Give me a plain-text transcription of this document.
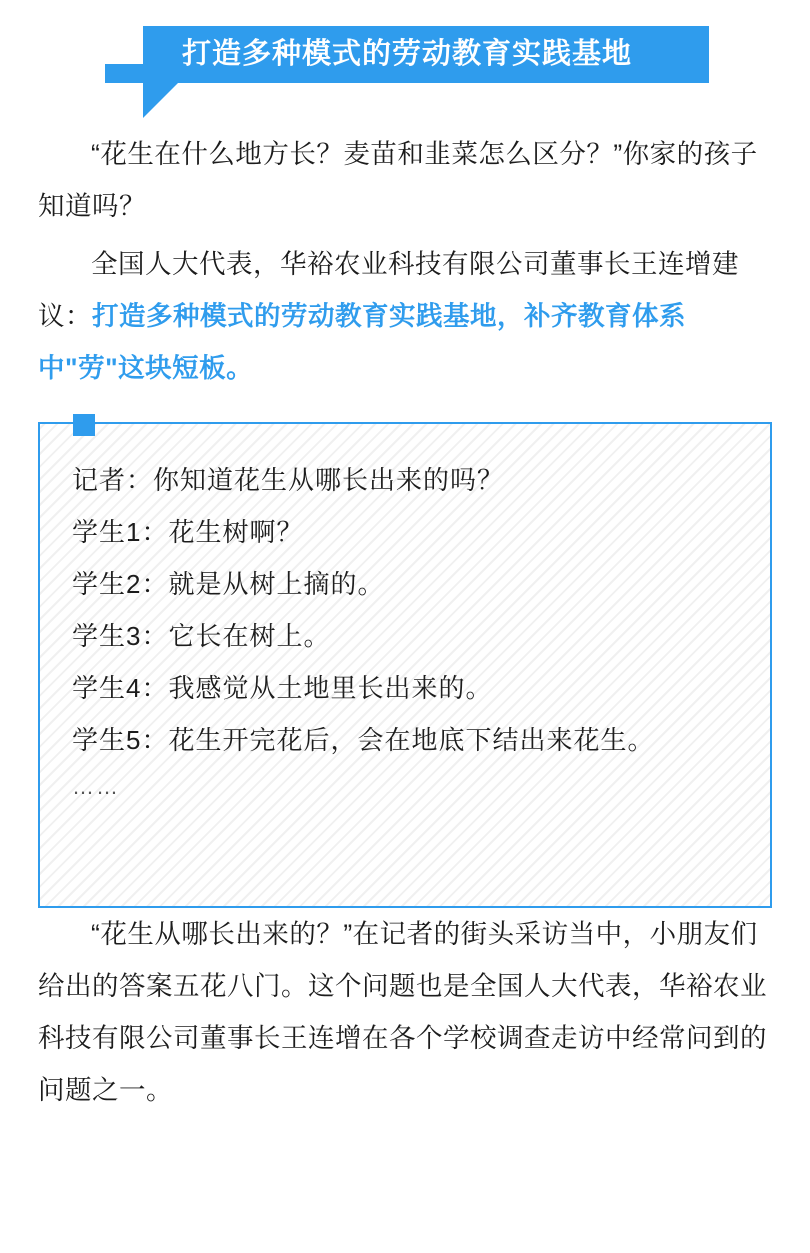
打造多种模式的劳动教育实践基地

“花生在什么地方长？麦苗和韭菜怎么区分？”你家的孩子知道吗？

全国人大代表，华裕农业科技有限公司董事长王连增建议：打造多种模式的劳动教育实践基地，补齐教育体系中"劳"这块短板。

记者：你知道花生从哪长出来的吗？

学生1：花生树啊？

学生2：就是从树上摘的。

学生3：它长在树上。

学生4：我感觉从土地里长出来的。

学生5：花生开完花后，会在地底下结出来花生。

……

“花生从哪长出来的？”在记者的街头采访当中，小朋友们给出的答案五花八门。这个问题也是全国人大代表，华裕农业科技有限公司董事长王连增在各个学校调查走访中经常问到的问题之一。
